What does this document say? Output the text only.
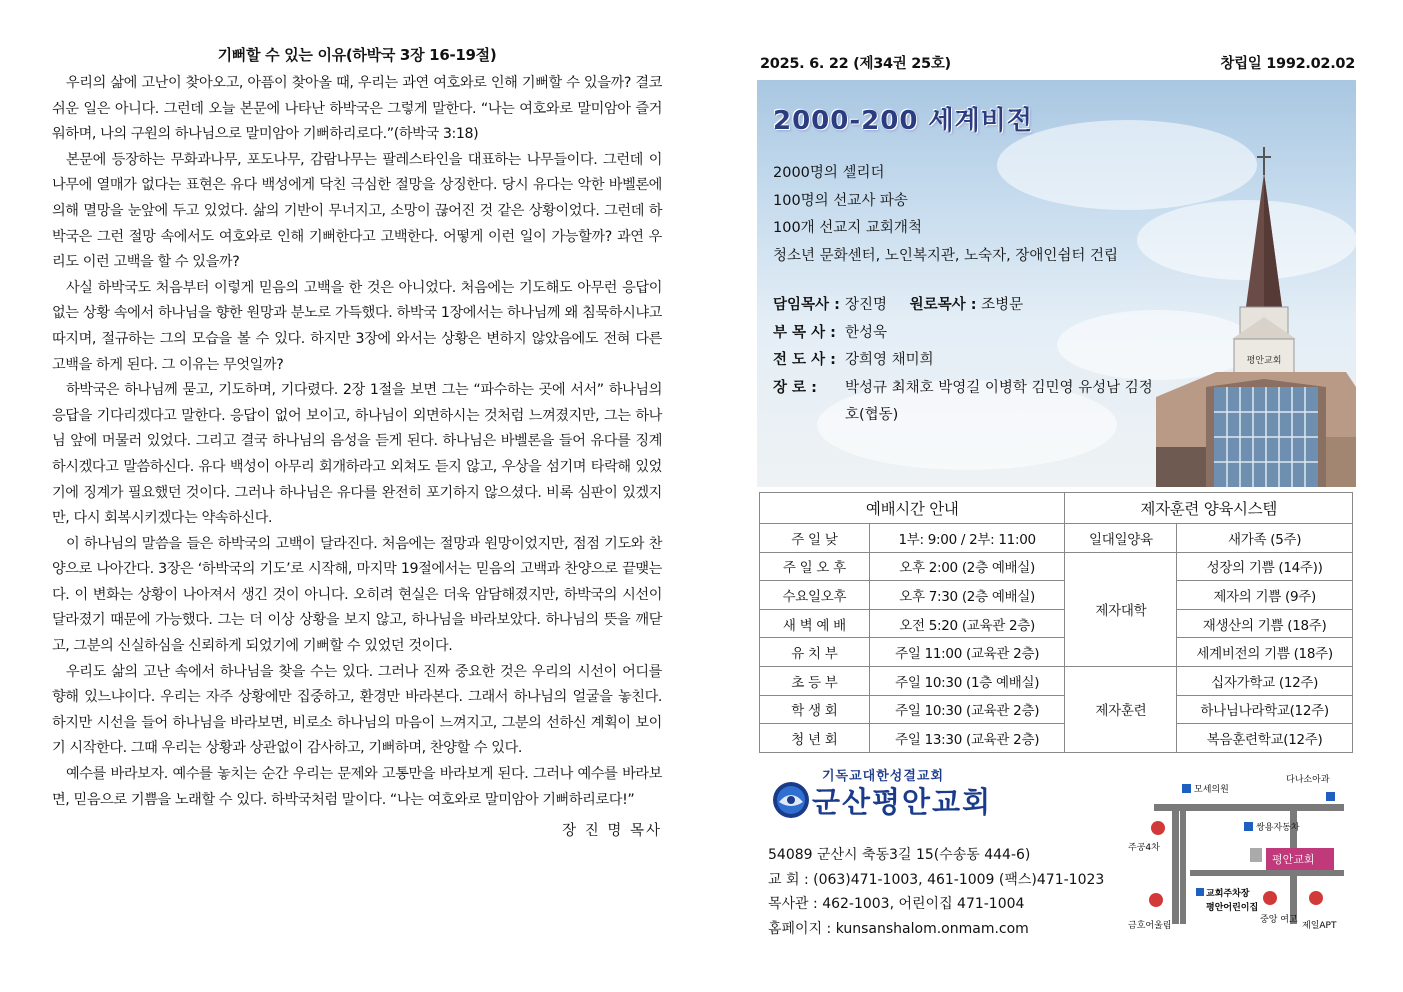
기뻐할 수 있는 이유(하박국 3장 16-19절)

우리의 삶에 고난이 찾아오고, 아픔이 찾아올 때, 우리는 과연 여호와로 인해 기뻐할 수 있을까? 결코 쉬운 일은 아니다. 그런데 오늘 본문에 나타난 하박국은 그렇게 말한다. “나는 여호와로 말미암아 즐거워하며, 나의 구원의 하나님으로 말미암아 기뻐하리로다.”(하박국 3:18)

본문에 등장하는 무화과나무, 포도나무, 감람나무는 팔레스타인을 대표하는 나무들이다. 그런데 이 나무에 열매가 없다는 표현은 유다 백성에게 닥친 극심한 절망을 상징한다. 당시 유다는 악한 바벨론에 의해 멸망을 눈앞에 두고 있었다. 삶의 기반이 무너지고, 소망이 끊어진 것 같은 상황이었다. 그런데 하박국은 그런 절망 속에서도 여호와로 인해 기뻐한다고 고백한다. 어떻게 이런 일이 가능할까? 과연 우리도 이런 고백을 할 수 있을까?

사실 하박국도 처음부터 이렇게 믿음의 고백을 한 것은 아니었다. 처음에는 기도해도 아무런 응답이 없는 상황 속에서 하나님을 향한 원망과 분노로 가득했다. 하박국 1장에서는 하나님께 왜 침묵하시냐고 따지며, 절규하는 그의 모습을 볼 수 있다. 하지만 3장에 와서는 상황은 변하지 않았음에도 전혀 다른 고백을 하게 된다. 그 이유는 무엇일까?

하박국은 하나님께 묻고, 기도하며, 기다렸다. 2장 1절을 보면 그는 “파수하는 곳에 서서” 하나님의 응답을 기다리겠다고 말한다. 응답이 없어 보이고, 하나님이 외면하시는 것처럼 느껴졌지만, 그는 하나님 앞에 머물러 있었다. 그리고 결국 하나님의 음성을 듣게 된다. 하나님은 바벨론을 들어 유다를 징계하시겠다고 말씀하신다. 유다 백성이 아무리 회개하라고 외쳐도 듣지 않고, 우상을 섬기며 타락해 있었기에 징계가 필요했던 것이다. 그러나 하나님은 유다를 완전히 포기하지 않으셨다. 비록 심판이 있겠지만, 다시 회복시키겠다는 약속하신다.

이 하나님의 말씀을 들은 하박국의 고백이 달라진다. 처음에는 절망과 원망이었지만, 점점 기도와 찬양으로 나아간다. 3장은 ‘하박국의 기도’로 시작해, 마지막 19절에서는 믿음의 고백과 찬양으로 끝맺는다. 이 변화는 상황이 나아져서 생긴 것이 아니다. 오히려 현실은 더욱 암담해졌지만, 하박국의 시선이 달라졌기 때문에 가능했다. 그는 더 이상 상황을 보지 않고, 하나님을 바라보았다. 하나님의 뜻을 깨닫고, 그분의 신실하심을 신뢰하게 되었기에 기뻐할 수 있었던 것이다.

우리도 삶의 고난 속에서 하나님을 찾을 수는 있다. 그러나 진짜 중요한 것은 우리의 시선이 어디를 향해 있느냐이다. 우리는 자주 상황에만 집중하고, 환경만 바라본다. 그래서 하나님의 얼굴을 놓친다. 하지만 시선을 들어 하나님을 바라보면, 비로소 하나님의 마음이 느껴지고, 그분의 선하신 계획이 보이기 시작한다. 그때 우리는 상황과 상관없이 감사하고, 기뻐하며, 찬양할 수 있다.

예수를 바라보자. 예수를 놓치는 순간 우리는 문제와 고통만을 바라보게 된다. 그러나 예수를 바라보면, 믿음으로 기쁨을 노래할 수 있다. 하박국처럼 말이다. “나는 여호와로 말미암아 기뻐하리로다!”

장 진 명 목사
2025. 6. 22 (제34권 25호)	창립일 1992.02.02
평안교회
2000-200 세계비전
2000명의 셀리더
100명의 선교사 파송
100개 선교지 교회개척
청소년 문화센터, 노인복지관, 노숙자, 장애인쉼터 건립
담임목사 : 장진명 원로목사 : 조병문
부 목 사 : 한성욱
전 도 사 : 강희영 채미희
장 로 : 박성규 최채호 박영길 이병학 김민영 유성남 김정호(협동)
예배시간 안내		제자훈련 양육시스템	
주 일 낮	1부: 9:00 / 2부: 11:00	일대일양육	새가족 (5주)
주 일 오 후	오후 2:00 (2층 예배실)	제자대학	성장의 기쁨 (14주))
수요일오후	오후 7:30 (2층 예배실)		제자의 기쁨 (9주)
새 벽 예 배	오전 5:20 (교육관 2층)		재생산의 기쁨 (18주)
유 치 부	주일 11:00 (교육관 2층)		세계비전의 기쁨 (18주)
초 등 부	주일 10:30 (1층 예배실)	제자훈련	십자가학교 (12주)
학 생 회	주일 10:30 (교육관 2층)		하나님나라학교(12주)
청 년 회	주일 13:30 (교육관 2층)		복음훈련학교(12주)
기독교대한성결교회
군산평안교회
54089 군산시 축동3길 15(수송동 444-6)
교 회 : (063)471-1003, 461-1009 (팩스)471-1023
목사관 : 462-1003, 어린이집 471-1004
홈페이지 : kunsanshalom.onmam.com
모세의원
다나소아과
주공4차
쌍용자동차
평안교회
교회주차장
평안어린이집
금호어울림
중앙 여고
제일APT
